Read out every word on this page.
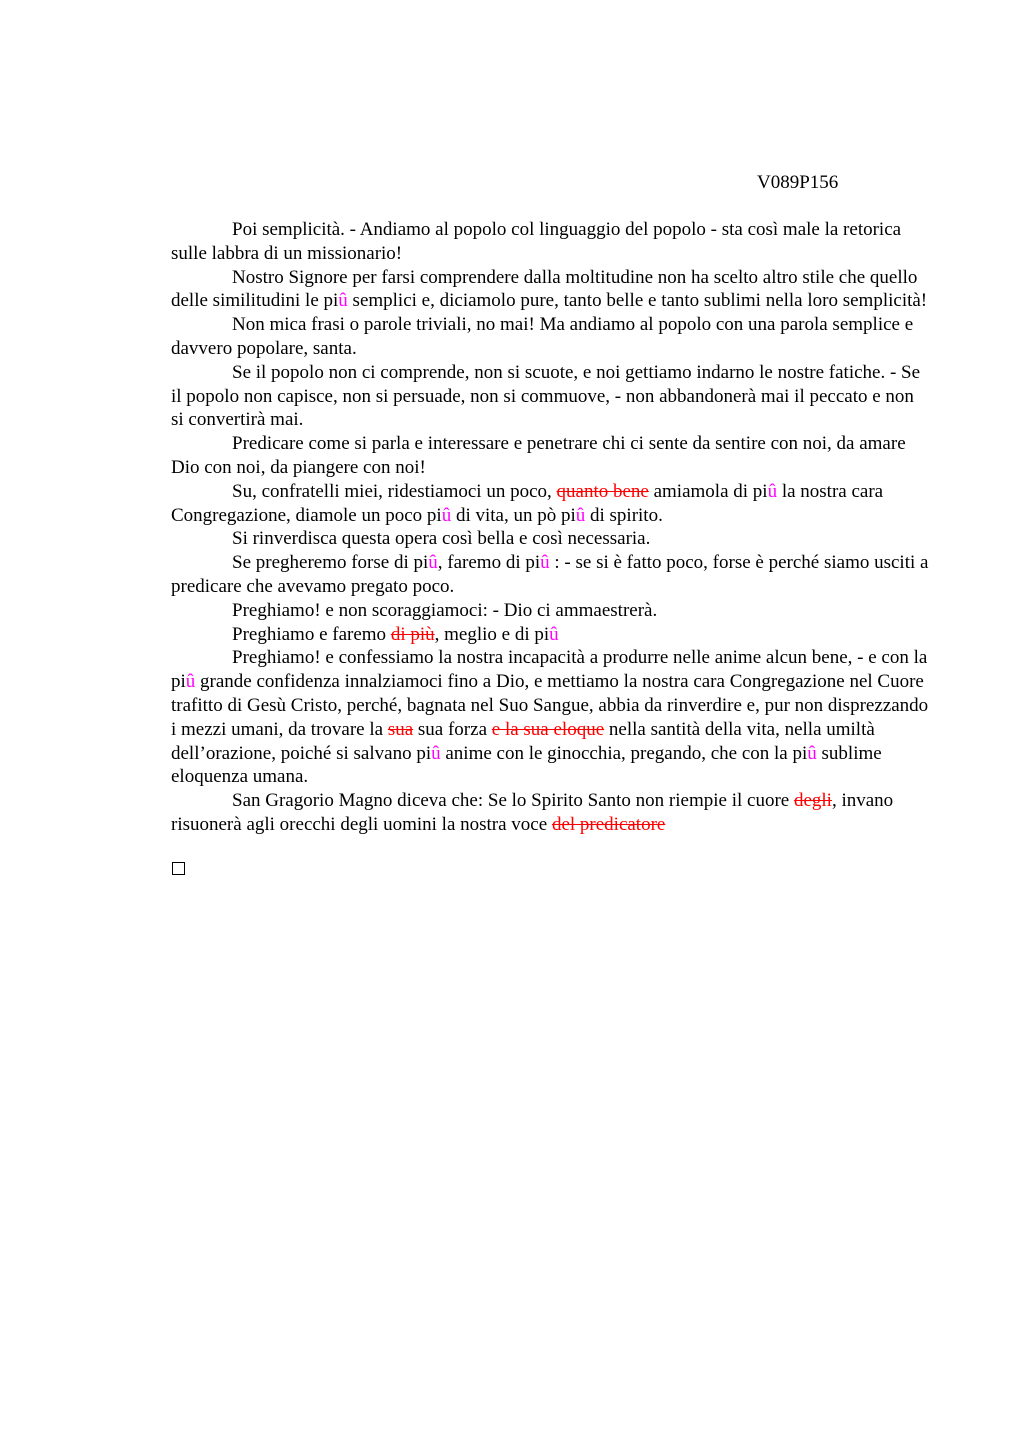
V089P156

Poi semplicità. - Andiamo al popolo col linguaggio del popolo - sta così male la retorica sulle labbra di un missionario!

Nostro Signore per farsi comprendere dalla moltitudine non ha scelto altro stile che quello delle similitudini le piû semplici e, diciamolo pure, tanto belle e tanto sublimi nella loro semplicità!

Non mica frasi o parole triviali, no mai! Ma andiamo al popolo con una parola semplice e davvero popolare, santa.

Se il popolo non ci comprende, non si scuote, e noi gettiamo indarno le nostre fatiche. - Se il popolo non capisce, non si persuade, non si commuove, - non abbandonerà mai il peccato e non si convertirà mai.

Predicare come si parla e interessare e penetrare chi ci sente da sentire con noi, da amare Dio con noi, da piangere con noi!

Su, confratelli miei, ridestiamoci un poco, quanto bene amiamola di piû la nostra cara Congregazione, diamole un poco piû di vita, un pò piû di spirito.

Si rinverdisca questa opera così bella e così necessaria.

Se pregheremo forse di piû, faremo di piû : - se si è fatto poco, forse è perché siamo usciti a predicare che avevamo pregato poco.

Preghiamo! e non scoraggiamoci: - Dio ci ammaestrerà.

Preghiamo e faremo di più, meglio e di piû

Preghiamo! e confessiamo la nostra incapacità a produrre nelle anime alcun bene, - e con la piû grande confidenza innalziamoci fino a Dio, e mettiamo la nostra cara Congregazione nel Cuore trafitto di Gesù Cristo, perché, bagnata nel Suo Sangue, abbia da rinverdire e, pur non disprezzando i mezzi umani, da trovare la sua sua forza e la sua eloque nella santità della vita, nella umiltà dell’orazione, poiché si salvano piû anime con le ginocchia, pregando, che con la piû sublime eloquenza umana.

San Gragorio Magno diceva che: Se lo Spirito Santo non riempie il cuore degli, invano risuonerà agli orecchi degli uomini la nostra voce del predicatore
